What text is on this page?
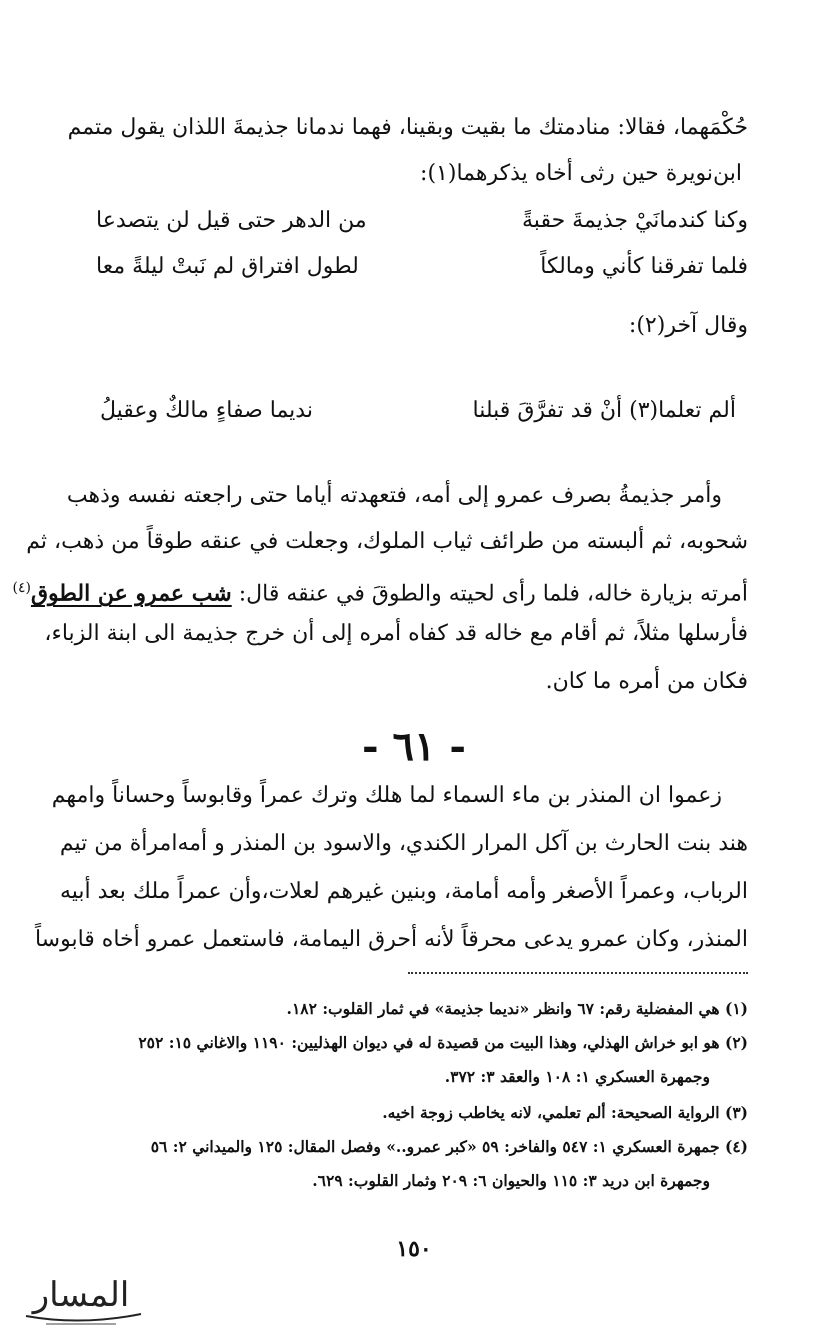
حُكْمَهما، فقالا: منادمتك ما بقيت وبقينا، فهما ندمانا جذيمةَ اللذان يقول متمم
ابن‌نويرة حين رثى أخاه يذكرهما(١):
وكنا كندمانَيْ جذيمةَ حقبةً
من الدهر حتى قيل لن يتصدعا
فلما تفرقنا كأني ومالكاً
لطول افتراق لم نَبتْ ليلةً معا
وقال آخر(٢):
ألم تعلما(٣) أنْ قد تفرَّقَ قبلنا
نديما صفاءٍ مالكٌ وعقيلُ
وأمر جذيمةُ بصرف عمرو إلى أمه، فتعهدته أياما حتى راجعته نفسه وذهب
شحوبه، ثم ألبسته من طرائف ثياب الملوك، وجعلت في عنقه طوقاً من ذهب، ثم
أمرته بزيارة خاله، فلما رأى لحيته والطوقَ في عنقه قال: شب عمرو عن الطوق$^{(٤)}$
فأرسلها مثلاً، ثم أقام مع خاله قد كفاه أمره إلى أن خرج جذيمة الى ابنة الزباء،
فكان من أمره ما كان.
- ٦١ -
زعموا ان المنذر بن ماء السماء لما هلك وترك عمراً وقابوساً وحساناً وامهم
هند بنت الحارث بن آكل المرار الكندي، والاسود بن المنذر و أمه‌امرأة من تيم
الرباب، وعمراً الأصغر وأمه أمامة، وبنين غيرهم لعلات،وأن عمراً ملك بعد أبيه
المنذر، وكان عمرو يدعى محرقاً لأنه أحرق اليمامة، فاستعمل عمرو أخاه قابوساً
(١) هي المفضلية رقم: ٦٧ وانظر «نديما جذيمة» في ثمار القلوب: ١٨٢.
(٢) هو ابو خراش الهذلي، وهذا البيت من قصيدة له في ديوان الهذليين: ١١٩٠ والاغاني ١٥: ٢٥٢
وجمهرة العسكري ١: ١٠٨ والعقد ٣: ٣٧٢.
(٣) الرواية الصحيحة: ألم تعلمي، لانه يخاطب زوجة اخيه.
(٤) جمهرة العسكري ١: ٥٤٧ والفاخر: ٥٩ «كبر عمرو..» وفصل المقال: ١٢٥ والميداني ٢: ٥٦
وجمهرة ابن دريد ٣: ١١٥ والحيوان ٦: ٢٠٩ وثمار القلوب: ٦٢٩.
١٥٠
المسار
